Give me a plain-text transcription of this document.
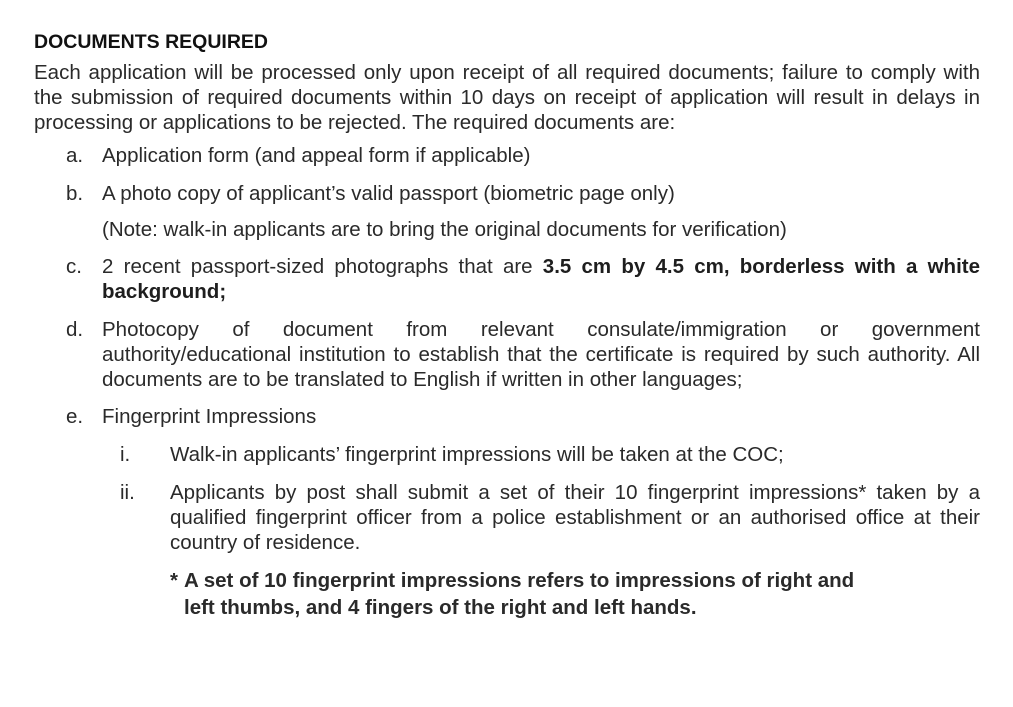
DOCUMENTS REQUIRED
Each application will be processed only upon receipt of all required documents; failure to comply with the submission of required documents within 10 days on receipt of application will result in delays in processing or applications to be rejected. The required documents are:
a. Application form (and appeal form if applicable)
b. A photo copy of applicant’s valid passport (biometric page only)
(Note: walk-in applicants are to bring the original documents for verification)
c. 2 recent passport-sized photographs that are 3.5 cm by 4.5 cm, borderless with a white background;
d. Photocopy of document from relevant consulate/immigration or government authority/educational institution to establish that the certificate is required by such authority. All documents are to be translated to English if written in other languages;
e. Fingerprint Impressions
i. Walk-in applicants’ fingerprint impressions will be taken at the COC;
ii. Applicants by post shall submit a set of their 10 fingerprint impressions* taken by a qualified fingerprint officer from a police establishment or an authorised office at their country of residence.
* A set of 10 fingerprint impressions refers to impressions of right and left thumbs, and 4 fingers of the right and left hands.
